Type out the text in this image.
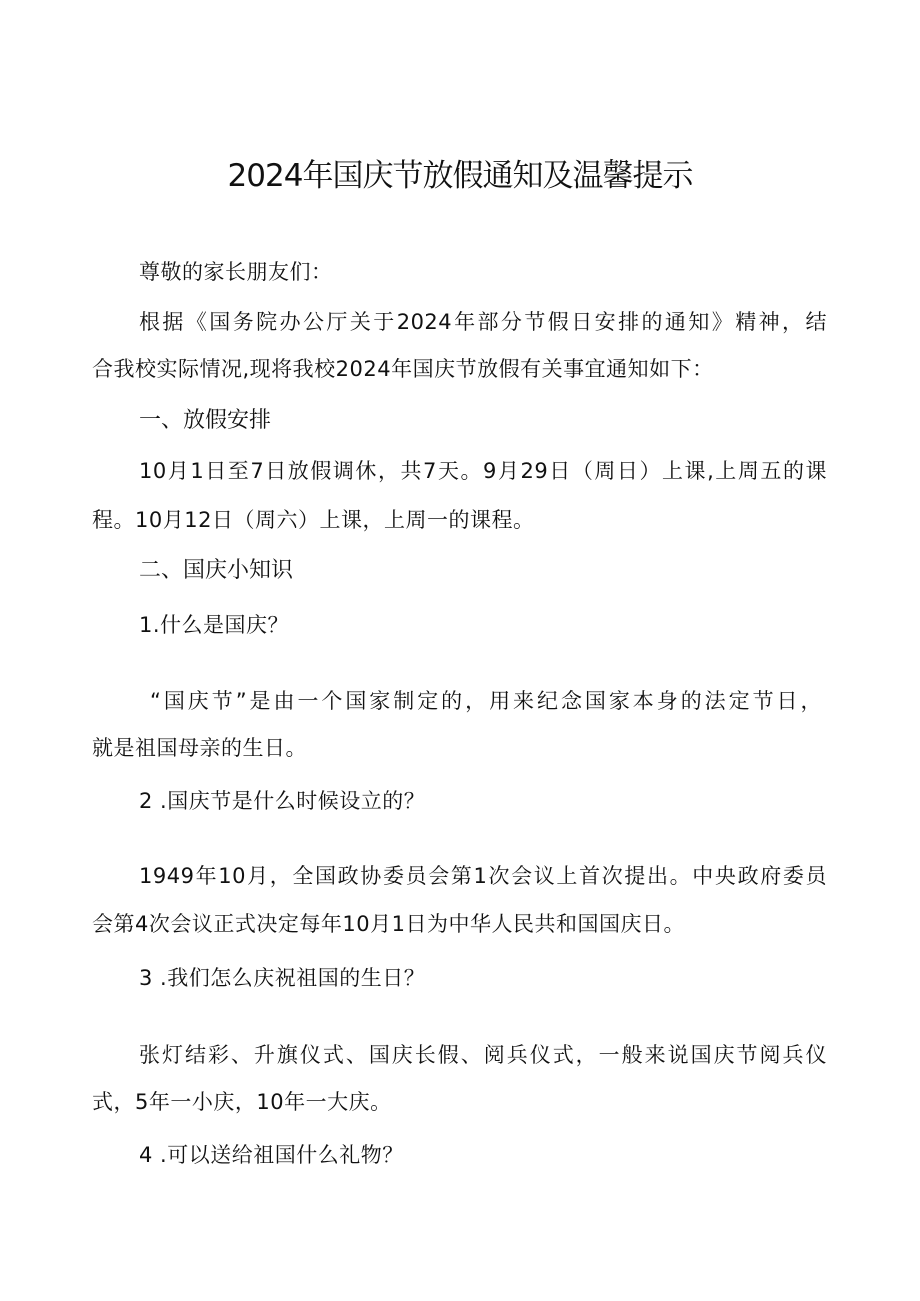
2024年国庆节放假通知及温馨提示

尊敬的家长朋友们：

根据《国务院办公厅关于2024年部分节假日安排的通知》精神，结

合我校实际情况,现将我校2024年国庆节放假有关事宜通知如下：

一、放假安排

10月1日至7日放假调休，共7天。9月29日（周日）上课,上周五的课

程。10月12日（周六）上课，上周一的课程。

二、国庆小知识

1.什么是国庆？

“国庆节”是由一个国家制定的，用来纪念国家本身的法定节日，

就是祖国母亲的生日。

2 .国庆节是什么时候设立的？

1949年10月，全国政协委员会第1次会议上首次提出。中央政府委员

会第4次会议正式决定每年10月1日为中华人民共和国国庆日。

3 .我们怎么庆祝祖国的生日？

张灯结彩、升旗仪式、国庆长假、阅兵仪式，一般来说国庆节阅兵仪

式，5年一小庆，10年一大庆。

4 .可以送给祖国什么礼物？
